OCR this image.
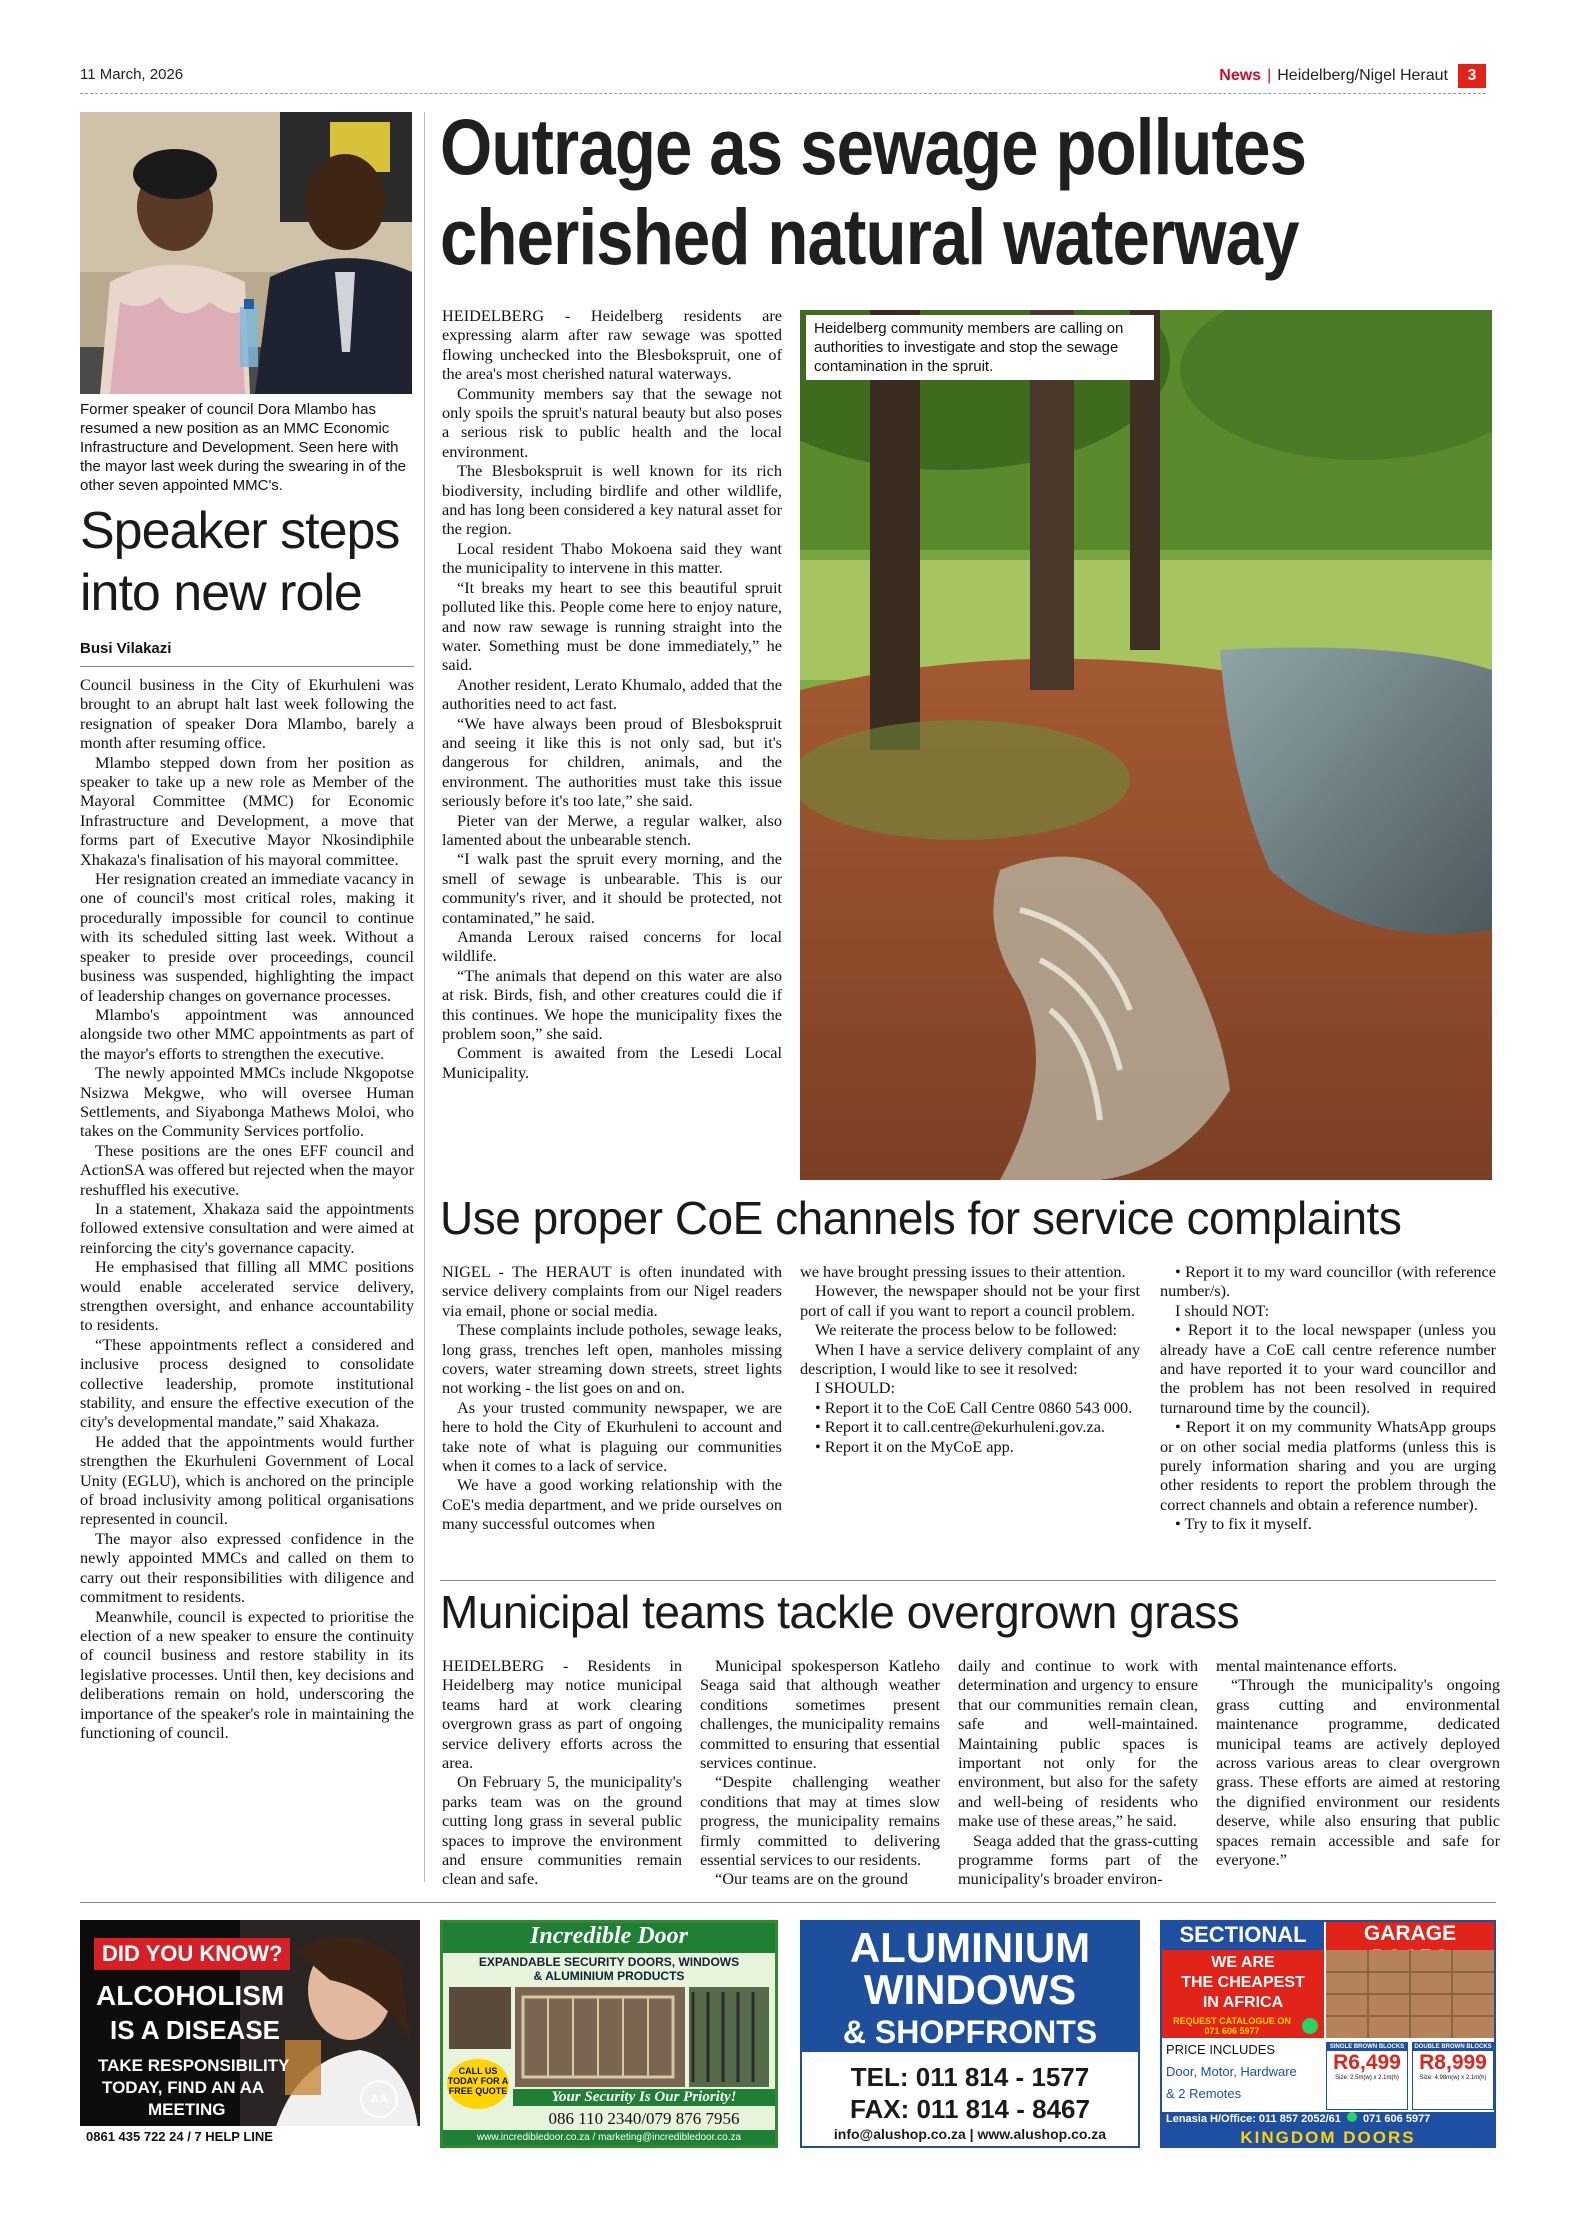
11 March, 2026	News | Heidelberg/Nigel Heraut	3
Former speaker of council Dora Mlambo has resumed a new position as an MMC Economic Infrastructure and Development. Seen here with the mayor last week during the swearing in of the other seven appointed MMC's.
Speaker steps into new role
Busi Vilakazi

Council business in the City of Ekurhuleni was brought to an abrupt halt last week following the resignation of speaker Dora Mlambo, barely a month after resuming office.

Mlambo stepped down from her position as speaker to take up a new role as Member of the Mayoral Committee (MMC) for Economic Infrastructure and Development, a move that forms part of Executive Mayor Nkosindiphile Xhakaza's finalisation of his mayoral committee.

Her resignation created an immediate vacancy in one of council's most critical roles, making it procedurally impossible for council to continue with its scheduled sitting last week. Without a speaker to preside over proceedings, council business was suspended, highlighting the impact of leadership changes on governance processes.

Mlambo's appointment was announced alongside two other MMC appointments as part of the mayor's efforts to strengthen the executive.

The newly appointed MMCs include Nkgopotse Nsizwa Mekgwe, who will oversee Human Settlements, and Siyabonga Mathews Moloi, who takes on the Community Services portfolio.

These positions are the ones EFF council and ActionSA was offered but rejected when the mayor reshuffled his executive.

In a statement, Xhakaza said the appointments followed extensive consultation and were aimed at reinforcing the city's governance capacity.

He emphasised that filling all MMC positions would enable accelerated service delivery, strengthen oversight, and enhance accountability to residents.

“These appointments reflect a considered and inclusive process designed to consolidate collective leadership, promote institutional stability, and ensure the effective execution of the city's developmental mandate,” said Xhakaza.

He added that the appointments would further strengthen the Ekurhuleni Government of Local Unity (EGLU), which is anchored on the principle of broad inclusivity among political organisations represented in council.

The mayor also expressed confidence in the newly appointed MMCs and called on them to carry out their responsibilities with diligence and commitment to residents.

Meanwhile, council is expected to prioritise the election of a new speaker to ensure the continuity of council business and restore stability in its legislative processes. Until then, key decisions and deliberations remain on hold, underscoring the importance of the speaker's role in maintaining the functioning of council.

Outrage as sewage pollutes
cherished natural waterway

HEIDELBERG - Heidelberg residents are expressing alarm after raw sewage was spotted flowing unchecked into the Blesbokspruit, one of the area's most cherished natural waterways.

Community members say that the sewage not only spoils the spruit's natural beauty but also poses a serious risk to public health and the local environment.

The Blesbokspruit is well known for its rich biodiversity, including birdlife and other wildlife, and has long been considered a key natural asset for the region.

Local resident Thabo Mokoena said they want the municipality to intervene in this matter.

“It breaks my heart to see this beautiful spruit polluted like this. People come here to enjoy nature, and now raw sewage is running straight into the water. Something must be done immediately,” he said.

Another resident, Lerato Khumalo, added that the authorities need to act fast.

“We have always been proud of Blesbokspruit and seeing it like this is not only sad, but it's dangerous for children, animals, and the environment. The authorities must take this issue seriously before it's too late,” she said.

Pieter van der Merwe, a regular walker, also lamented about the unbearable stench.

“I walk past the spruit every morning, and the smell of sewage is unbearable. This is our community's river, and it should be protected, not contaminated,” he said.

Amanda Leroux raised concerns for local wildlife.

“The animals that depend on this water are also at risk. Birds, fish, and other creatures could die if this continues. We hope the municipality fixes the problem soon,” she said.

Comment is awaited from the Lesedi Local Municipality.

Heidelberg community members are calling on authorities to investigate and stop the sewage contamination in the spruit.
Use proper CoE channels for service complaints

NIGEL - The HERAUT is often inundated with service delivery complaints from our Nigel readers via email, phone or social media.

These complaints include potholes, sewage leaks, long grass, trenches left open, manholes missing covers, water streaming down streets, street lights not working - the list goes on and on.

As your trusted community newspaper, we are here to hold the City of Ekurhuleni to account and take note of what is plaguing our communities when it comes to a lack of service.

We have a good working relationship with the CoE's media department, and we pride ourselves on many successful outcomes when

we have brought pressing issues to their attention.

However, the newspaper should not be your first port of call if you want to report a council problem.

We reiterate the process below to be followed:

When I have a service delivery complaint of any description, I would like to see it resolved:

I SHOULD:

• Report it to the CoE Call Centre 0860 543 000.

• Report it to call.centre@ekurhuleni.gov.za.

• Report it on the MyCoE app.

• Report it to my ward councillor (with reference number/s).

I should NOT:

• Report it to the local newspaper (unless you already have a CoE call centre reference number and have reported it to your ward councillor and the problem has not been resolved in required turnaround time by the council).

• Report it on my community WhatsApp groups or on other social media platforms (unless this is purely information sharing and you are urging other residents to report the problem through the correct channels and obtain a reference number).

• Try to fix it myself.

Municipal teams tackle overgrown grass

HEIDELBERG - Residents in Heidelberg may notice municipal teams hard at work clearing overgrown grass as part of ongoing service delivery efforts across the area.

On February 5, the municipality's parks team was on the ground cutting long grass in several public spaces to improve the environment and ensure communities remain clean and safe.

Municipal spokesperson Katleho Seaga said that although weather conditions sometimes present challenges, the municipality remains committed to ensuring that essential services continue.

“Despite challenging weather conditions that may at times slow progress, the municipality remains firmly committed to delivering essential services to our residents.

“Our teams are on the ground

daily and continue to work with determination and urgency to ensure that our communities remain clean, safe and well-maintained. Maintaining public spaces is important not only for the environment, but also for the safety and well-being of residents who make use of these areas,” he said.

Seaga added that the grass-cutting programme forms part of the municipality's broader environ-

mental maintenance efforts.

“Through the municipality's ongoing grass cutting and environmental maintenance programme, dedicated municipal teams are actively deployed across various areas to clear overgrown grass. These efforts are aimed at restoring the dignified environment our residents deserve, while also ensuring that public spaces remain accessible and safe for everyone.”

DID YOU KNOW?
ALCOHOLISM
IS A DISEASE
TAKE RESPONSIBILITY
TODAY, FIND AN AA
MEETING
AA
0861 435 722 24 / 7 HELP LINE
Incredible Door
EXPANDABLE SECURITY DOORS, WINDOWS
& ALUMINIUM PRODUCTS
CALL US TODAY FOR A FREE QUOTE	Your Security Is Our Priority!
086 110 2340/079 876 7956
www.incredibledoor.co.za / marketing@incredibledoor.co.za
ALUMINIUM
WINDOWS
& SHOPFRONTS
TEL: 011 814 - 1577
FAX: 011 814 - 8467
info@alushop.co.za | www.alushop.co.za
SECTIONAL	GARAGE
WE ARE
THE CHEAPEST
IN AFRICA
REQUEST CATALOGUE ON
071 606 5977
PRICE INCLUDES
Door, Motor, Hardware
& 2 Remotes
SINGLE BROWN BLOCKS
R6,499
Size: 2.5m(w) x 2.1m(h)
DOUBLE BROWN BLOCKS
R8,999
Size: 4.98m(w) x 2.1m(h)
Lenasia H/Office: 011 857 2052/61 071 606 5977
KINGDOM DOORS
